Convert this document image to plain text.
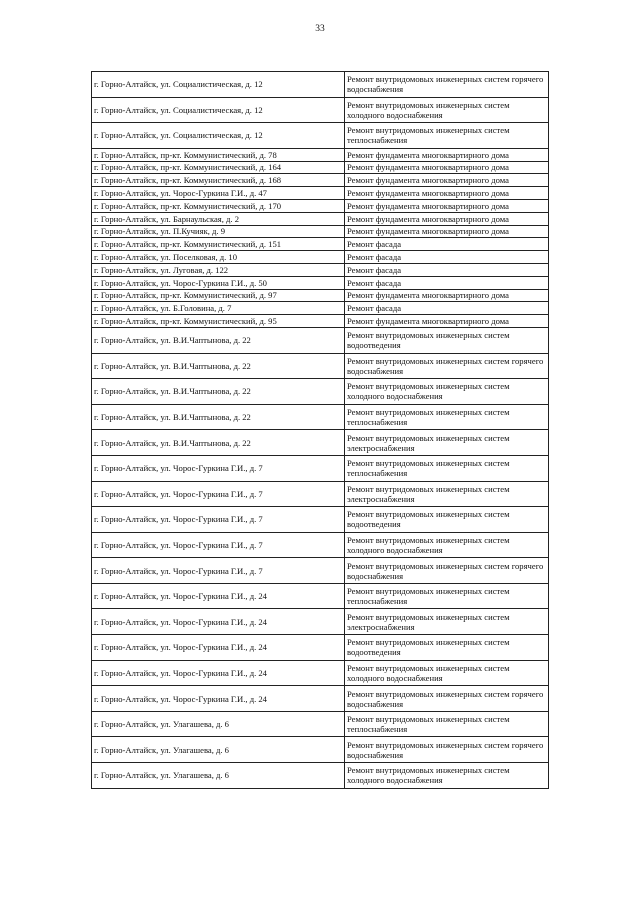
33
г. Горно-Алтайск, ул. Социалистическая, д. 12	Ремонт внутридомовых инженерных систем горячего водоснабжения
г. Горно-Алтайск, ул. Социалистическая, д. 12	Ремонт внутридомовых инженерных систем холодного водоснабжения
г. Горно-Алтайск, ул. Социалистическая, д. 12	Ремонт внутридомовых инженерных систем теплоснабжения
г. Горно-Алтайск, пр-кт. Коммунистический, д. 78	Ремонт фундамента многоквартирного дома
г. Горно-Алтайск, пр-кт. Коммунистический, д. 164	Ремонт фундамента многоквартирного дома
г. Горно-Алтайск, пр-кт. Коммунистический, д. 168	Ремонт фундамента многоквартирного дома
г. Горно-Алтайск, ул. Чорос-Гуркина Г.И., д. 47	Ремонт фундамента многоквартирного дома
г. Горно-Алтайск, пр-кт. Коммунистический, д. 170	Ремонт фундамента многоквартирного дома
г. Горно-Алтайск, ул. Барнаульская, д. 2	Ремонт фундамента многоквартирного дома
г. Горно-Алтайск, ул. П.Кучияк, д. 9	Ремонт фундамента многоквартирного дома
г. Горно-Алтайск, пр-кт. Коммунистический, д. 151	Ремонт фасада
г. Горно-Алтайск, ул. Поселковая, д. 10	Ремонт фасада
г. Горно-Алтайск, ул. Луговая, д. 122	Ремонт фасада
г. Горно-Алтайск, ул. Чорос-Гуркина Г.И., д. 50	Ремонт фасада
г. Горно-Алтайск, пр-кт. Коммунистический, д. 97	Ремонт фундамента многоквартирного дома
г. Горно-Алтайск, ул. Б.Головина, д. 7	Ремонт фасада
г. Горно-Алтайск, пр-кт. Коммунистический, д. 95	Ремонт фундамента многоквартирного дома
г. Горно-Алтайск, ул. В.И.Чаптынова, д. 22	Ремонт внутридомовых инженерных систем водоотведения
г. Горно-Алтайск, ул. В.И.Чаптынова, д. 22	Ремонт внутридомовых инженерных систем горячего водоснабжения
г. Горно-Алтайск, ул. В.И.Чаптынова, д. 22	Ремонт внутридомовых инженерных систем холодного водоснабжения
г. Горно-Алтайск, ул. В.И.Чаптынова, д. 22	Ремонт внутридомовых инженерных систем теплоснабжения
г. Горно-Алтайск, ул. В.И.Чаптынова, д. 22	Ремонт внутридомовых инженерных систем электроснабжения
г. Горно-Алтайск, ул. Чорос-Гуркина Г.И., д. 7	Ремонт внутридомовых инженерных систем теплоснабжения
г. Горно-Алтайск, ул. Чорос-Гуркина Г.И., д. 7	Ремонт внутридомовых инженерных систем электроснабжения
г. Горно-Алтайск, ул. Чорос-Гуркина Г.И., д. 7	Ремонт внутридомовых инженерных систем водоотведения
г. Горно-Алтайск, ул. Чорос-Гуркина Г.И., д. 7	Ремонт внутридомовых инженерных систем холодного водоснабжения
г. Горно-Алтайск, ул. Чорос-Гуркина Г.И., д. 7	Ремонт внутридомовых инженерных систем горячего водоснабжения
г. Горно-Алтайск, ул. Чорос-Гуркина Г.И., д. 24	Ремонт внутридомовых инженерных систем теплоснабжения
г. Горно-Алтайск, ул. Чорос-Гуркина Г.И., д. 24	Ремонт внутридомовых инженерных систем электроснабжения
г. Горно-Алтайск, ул. Чорос-Гуркина Г.И., д. 24	Ремонт внутридомовых инженерных систем водоотведения
г. Горно-Алтайск, ул. Чорос-Гуркина Г.И., д. 24	Ремонт внутридомовых инженерных систем холодного водоснабжения
г. Горно-Алтайск, ул. Чорос-Гуркина Г.И., д. 24	Ремонт внутридомовых инженерных систем горячего водоснабжения
г. Горно-Алтайск, ул. Улагашева, д. 6	Ремонт внутридомовых инженерных систем теплоснабжения
г. Горно-Алтайск, ул. Улагашева, д. 6	Ремонт внутридомовых инженерных систем горячего водоснабжения
г. Горно-Алтайск, ул. Улагашева, д. 6	Ремонт внутридомовых инженерных систем холодного водоснабжения
